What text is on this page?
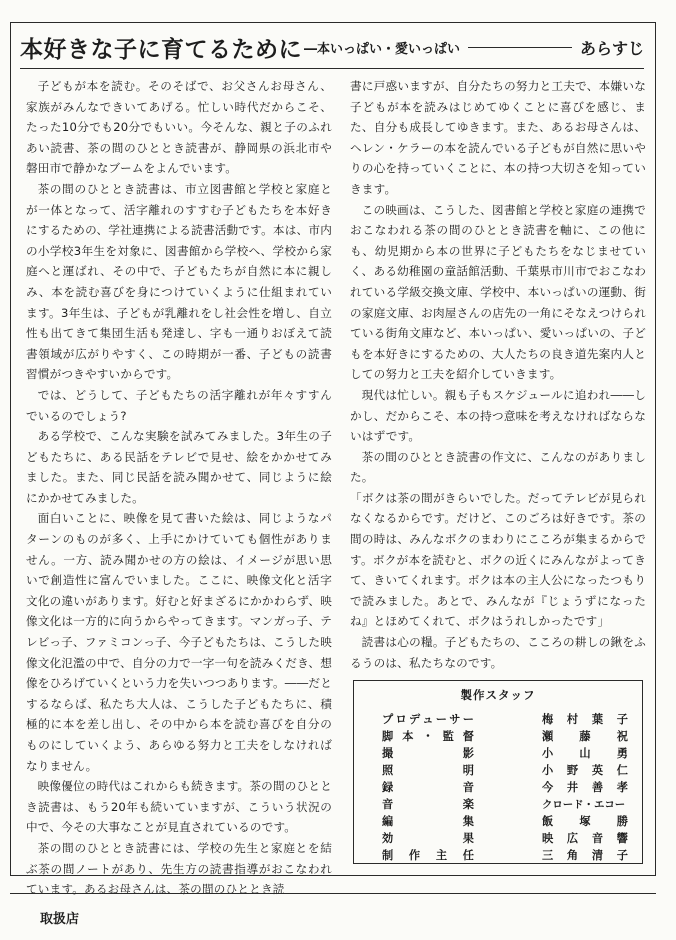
本好きな子に育てるために ―本いっぱい・愛いっぱい	あらすじ

子どもが本を読む。そのそばで、お父さんお母さん、家族がみんなできいてあげる。忙しい時代だからこそ、たった10分でも20分でもいい。今そんな、親と子のふれあい読書、茶の間のひととき読書が、静岡県の浜北市や磐田市で静かなブームをよんでいます。

茶の間のひととき読書は、市立図書館と学校と家庭とが一体となって、活字離れのすすむ子どもたちを本好きにするための、学社連携による読書活動です。本は、市内の小学校3年生を対象に、図書館から学校へ、学校から家庭へと運ばれ、その中で、子どもたちが自然に本に親しみ、本を読む喜びを身につけていくように仕組まれています。3年生は、子どもが乳離れをし社会性を増し、自立性も出てきて集団生活も発達し、字も一通りおぼえて読書領域が広がりやすく、この時期が一番、子どもの読書習慣がつきやすいからです。

では、どうして、子どもたちの活字離れが年々すすんでいるのでしょう?

ある学校で、こんな実験を試みてみました。3年生の子どもたちに、ある民話をテレビで見せ、絵をかかせてみました。また、同じ民話を読み聞かせて、同じように絵にかかせてみました。

面白いことに、映像を見て書いた絵は、同じようなパターンのものが多く、上手にかけていても個性がありません。一方、読み聞かせの方の絵は、イメージが思い思いで創造性に富んでいました。ここに、映像文化と活字文化の違いがあります。好むと好まざるにかかわらず、映像文化は一方的に向うからやってきます。マンガっ子、テレビっ子、ファミコンっ子、今子どもたちは、こうした映像文化氾濫の中で、自分の力で一字一句を読みくだき、想像をひろげていくという力を失いつつあります。――だとするならば、私たち大人は、こうした子どもたちに、積極的に本を差し出し、その中から本を読む喜びを自分のものにしていくよう、あらゆる努力と工夫をしなければなりません。

映像優位の時代はこれからも続きます。茶の間のひととき読書は、もう20年も続いていますが、こういう状況の中で、今その大事なことが見直されているのです。

茶の間のひととき読書には、学校の先生と家庭とを結ぶ茶の間ノートがあり、先生方の読書指導がおこなわれています。あるお母さんは、茶の間のひととき読

書に戸惑いますが、自分たちの努力と工夫で、本嫌いな子どもが本を読みはじめてゆくことに喜びを感じ、また、自分も成長してゆきます。また、あるお母さんは、ヘレン・ケラーの本を読んでいる子どもが自然に思いやりの心を持っていくことに、本の持つ大切さを知っていきます。

この映画は、こうした、図書館と学校と家庭の連携でおこなわれる茶の間のひととき読書を軸に、この他にも、幼児期から本の世界に子どもたちをなじませていく、ある幼稚園の童話館活動、千葉県市川市でおこなわれている学級交換文庫、学校中、本いっぱいの運動、街の家庭文庫、お肉屋さんの店先の一角にそなえつけられている街角文庫など、本いっぱい、愛いっぱいの、子どもを本好きにするための、大人たちの良き道先案内人としての努力と工夫を紹介していきます。

現代は忙しい。親も子もスケジュールに追われ――しかし、だからこそ、本の持つ意味を考えなければならないはずです。

茶の間のひととき読書の作文に、こんなのがありました。

「ボクは茶の間がきらいでした。だってテレビが見られなくなるからです。だけど、このごろは好きです。茶の間の時は、みんなボクのまわりにこころが集まるからです。ボクが本を読むと、ボクの近くにみんながよってきて、きいてくれます。ボクは本の主人公になったつもりで読みました。あとで、みんなが『じょうずになったね』とほめてくれて、ボクはうれしかったです」

読書は心の糧。子どもたちの、こころの耕しの鍬をふるうのは、私たちなのです。

製作スタッフ
プロデューサー	梅村葉子
脚本・監督	瀬藤祝
撮影	小山勇
照明	小野英仁
録音	今井善孝
音楽	クロード・エコー
編集	飯塚勝
効果	映広音響
制作主任	三角清子
取扱店
